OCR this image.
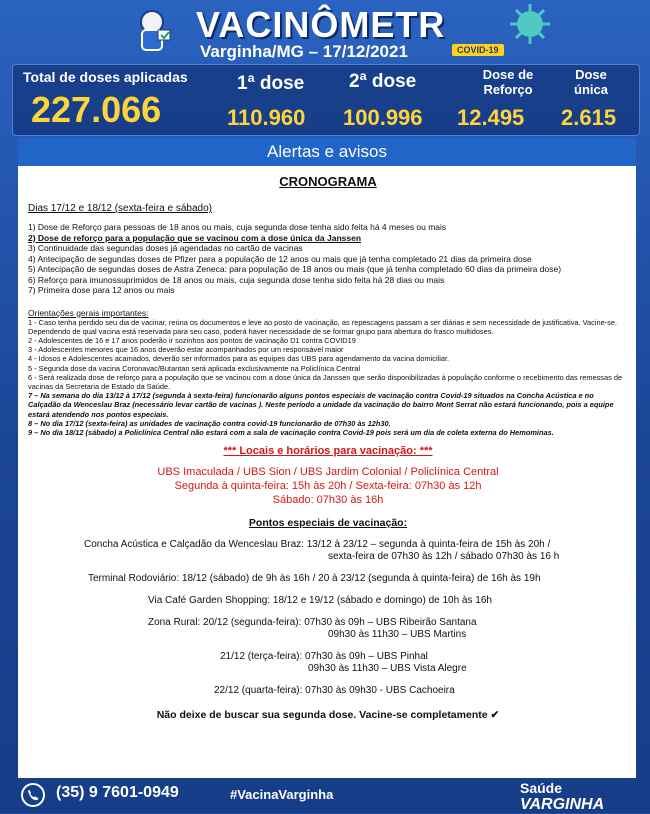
VACINÔMETR
COVID-19
Varginha/MG – 17/12/2021
Total de doses aplicadas
227.066
1ª dose
110.960
2ª dose
100.996
Dose de
Reforço
12.495
Dose
única
2.615
Alertas e avisos
CRONOGRAMA
Dias 17/12 e 18/12 (sexta-feira e sábado)
1) Dose de Reforço para pessoas de 18 anos ou mais, cuja segunda dose tenha sido feita há 4 meses ou mais
2) Dose de reforço para a população que se vacinou com a dose única da Janssen
3) Continuidade das segundas doses já agendadas no cartão de vacinas
4) Antecipação de segundas doses de Pfizer para a população de 12 anos ou mais que já tenha completado 21 dias da primeira dose
5) Antecipação de segundas doses de Astra Zeneca: para população de 18 anos ou mais (que já tenha completado 60 dias da primeira dose)
6) Reforço para imunossuprimidos de 18 anos ou mais, cuja segunda dose tenha sido feita há 28 dias ou mais
7) Primeira dose para 12 anos ou mais
Orientações gerais importantes:
1 - Caso tenha perdido seu dia de vacinar, reúna os documentos e leve ao posto de vacinação, as repescagens passam a ser diárias e sem necessidade de justificativa. Vacine-se. Dependendo de qual vacina está reservada para seu caso, poderá haver necessidade de se formar grupo para abertura do frasco multidoses.
2 - Adolescentes de 16 e 17 anos poderão ir sozinhos aos pontos de vacinação D1 contra COVID19
3 - Adolescentes menores que 16 anos deverão estar acompanhados por um responsável maior
4 - Idosos e Adolescentes acamados, deverão ser informados para as equipes das UBS para agendamento da vacina domiciliar.
5 - Segunda dose da vacina Coronavac/Butantan será aplicada exclusivamente na Policlínica Central
6 - Será realizada dose de reforço para a população que se vacinou com a dose única da Janssen que serão disponibilizadas à população conforme o recebimento das remessas de vacinas da Secretaria de Estado da Saúde.
7 – Na semana do dia 13/12 à 17/12 (segunda à sexta-feira) funcionarão alguns pontos especiais de vacinação contra Covid-19 situados na Concha Acústica e no Calçadão da Wenceslau Braz (necessário levar cartão de vacinas ). Neste período a unidade da vacinação do bairro Mont Serrat não estará funcionando, pois a equipe estará atendendo nos pontos especiais.
8 – No dia 17/12 (sexta-feira) as unidades de vacinação contra covid-19 funcionarão de 07h30 às 12h30.
9 – No dia 18/12 (sábado) a Policlínica Central não estará com a sala de vacinação contra Covid-19 pois será um dia de coleta externa do Hemominas.
*** Locais e horários para vacinação: ***
UBS Imaculada / UBS Sion / UBS Jardim Colonial / Policlínica Central
Segunda à quinta-feira: 15h às 20h / Sexta-feira: 07h30 às 12h
Sábado: 07h30 às 16h
Pontos especiais de vacinação:
Concha Acústica e Calçadão da Wenceslau Braz: 13/12 à 23/12 – segunda à quinta-feira de 15h às 20h /
sexta-feira de 07h30 às 12h / sábado 07h30 às 16 h
Terminal Rodoviário: 18/12 (sábado) de 9h às 16h / 20 à 23/12 (segunda à quinta-feira) de 16h às 19h
Via Café Garden Shopping: 18/12 e 19/12 (sábado e domingo) de 10h às 16h
Zona Rural: 20/12 (segunda-feira): 07h30 às 09h – UBS Ribeirão Santana
09h30 às 11h30 – UBS Martins
21/12 (terça-feira): 07h30 às 09h – UBS Pinhal
09h30 às 11h30 – UBS Vista Alegre
22/12 (quarta-feira): 07h30 às 09h30 - UBS Cachoeira
Não deixe de buscar sua segunda dose. Vacine-se completamente ✔
(35) 9 7601-0949	#VacinaVarginha	Saúde VARGINHA
